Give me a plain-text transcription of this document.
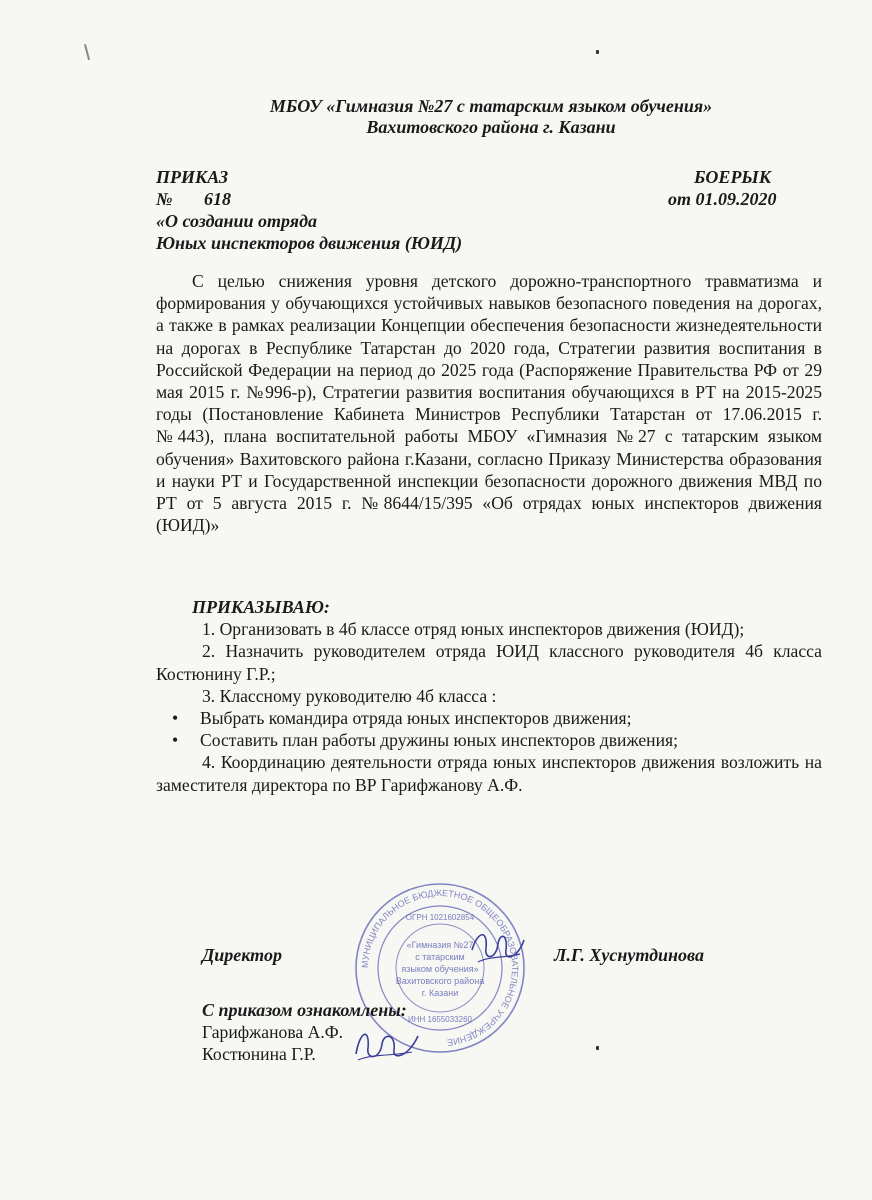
МБОУ «Гимназия №27 с татарским языком обучения»
Вахитовского района г. Казани
ПРИКАЗ	БОЕРЫК
№ 618	от 01.09.2020
«О создании отряда
Юных инспекторов движения (ЮИД)

С целью снижения уровня детского дорожно-транспортного травматизма и формирования у обучающихся устойчивых навыков безопасного поведения на дорогах, а также в рамках реализации Концепции обеспечения безопасности жизнедеятельности на дорогах в Республике Татарстан до 2020 года, Стратегии развития воспитания в Российской Федерации на период до 2025 года (Распоряжение Правительства РФ от 29 мая 2015 г. №996-р), Стратегии развития воспитания обучающихся в РТ на 2015-2025 годы (Постановление Кабинета Министров Республики Татарстан от 17.06.2015 г. №443), плана воспитательной работы МБОУ «Гимназия №27 с татарским языком обучения» Вахитовского района г.Казани, согласно Приказу Министерства образования и науки РТ и Государственной инспекции безопасности дорожного движения МВД по РТ от 5 августа 2015 г. №8644/15/395 «Об отрядах юных инспекторов движения (ЮИД)»

ПРИКАЗЫВАЮ:

1. Организовать в 4б классе отряд юных инспекторов движения (ЮИД);

2. Назначить руководителем отряда ЮИД классного руководителя 4б класса Костюнину Г.Р.;

3. Классному руководителю 4б класса :

• Выбрать командира отряда юных инспекторов движения;

• Составить план работы дружины юных инспекторов движения;

4. Координацию деятельности отряда юных инспекторов движения возложить на заместителя директора по ВР Гарифжанову А.Ф.

МУНИЦИПАЛЬНОЕ БЮДЖЕТНОЕ ОБЩЕОБРАЗОВАТЕЛЬНОЕ УЧРЕЖДЕНИЕ
«Гимназия №27
с татарским
языком обучения»
Вахитовского района
г. Казани
ОГРН 1021602854
ИНН 1655033260
Директор	Л.Г. Хуснутдинова
С приказом ознакомлены:
Гарифжанова А.Ф.
Костюнина Г.Р.
